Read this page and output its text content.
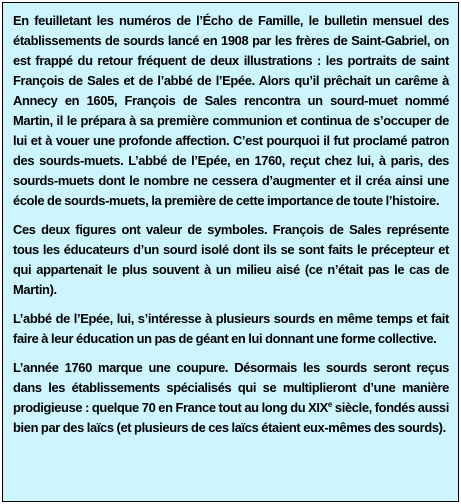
En feuilletant les numéros de l’Écho de Famille, le bulletin mensuel des établissements de sourds lancé en 1908 par les frères de Saint-Gabriel, on est frappé du retour fréquent de deux illustrations : les portraits de saint François de Sales et de l’abbé de l’Epée. Alors qu’il prêchait un carême à Annecy en 1605, François de Sales rencontra un sourd-muet nommé Martin, il le prépara à sa première communion et continua de s’occuper de lui et à vouer une profonde affection. C’est pourquoi il fut proclamé patron des sourds-muets. L’abbé de l’Epée, en 1760, reçut chez lui, à paris, des sourds-muets dont le nombre ne cessera d’augmenter et il créa ainsi une école de sourds-muets, la première de cette importance de toute l’histoire.

Ces deux figures ont valeur de symboles. François de Sales représente tous les éducateurs d’un sourd isolé dont ils se sont faits le précepteur et qui appartenait le plus souvent à un milieu aisé (ce n’était pas le cas de Martin).

L’abbé de l’Epée, lui, s’intéresse à plusieurs sourds en même temps et fait faire à leur éducation un pas de géant en lui donnant une forme collective.

L’année 1760 marque une coupure. Désormais les sourds seront reçus dans les établissements spécialisés qui se multiplieront d’une manière prodigieuse : quelque 70 en France tout au long du XIXe siècle, fondés aussi bien par des laïcs (et plusieurs de ces laïcs étaient eux-mêmes des sourds).
